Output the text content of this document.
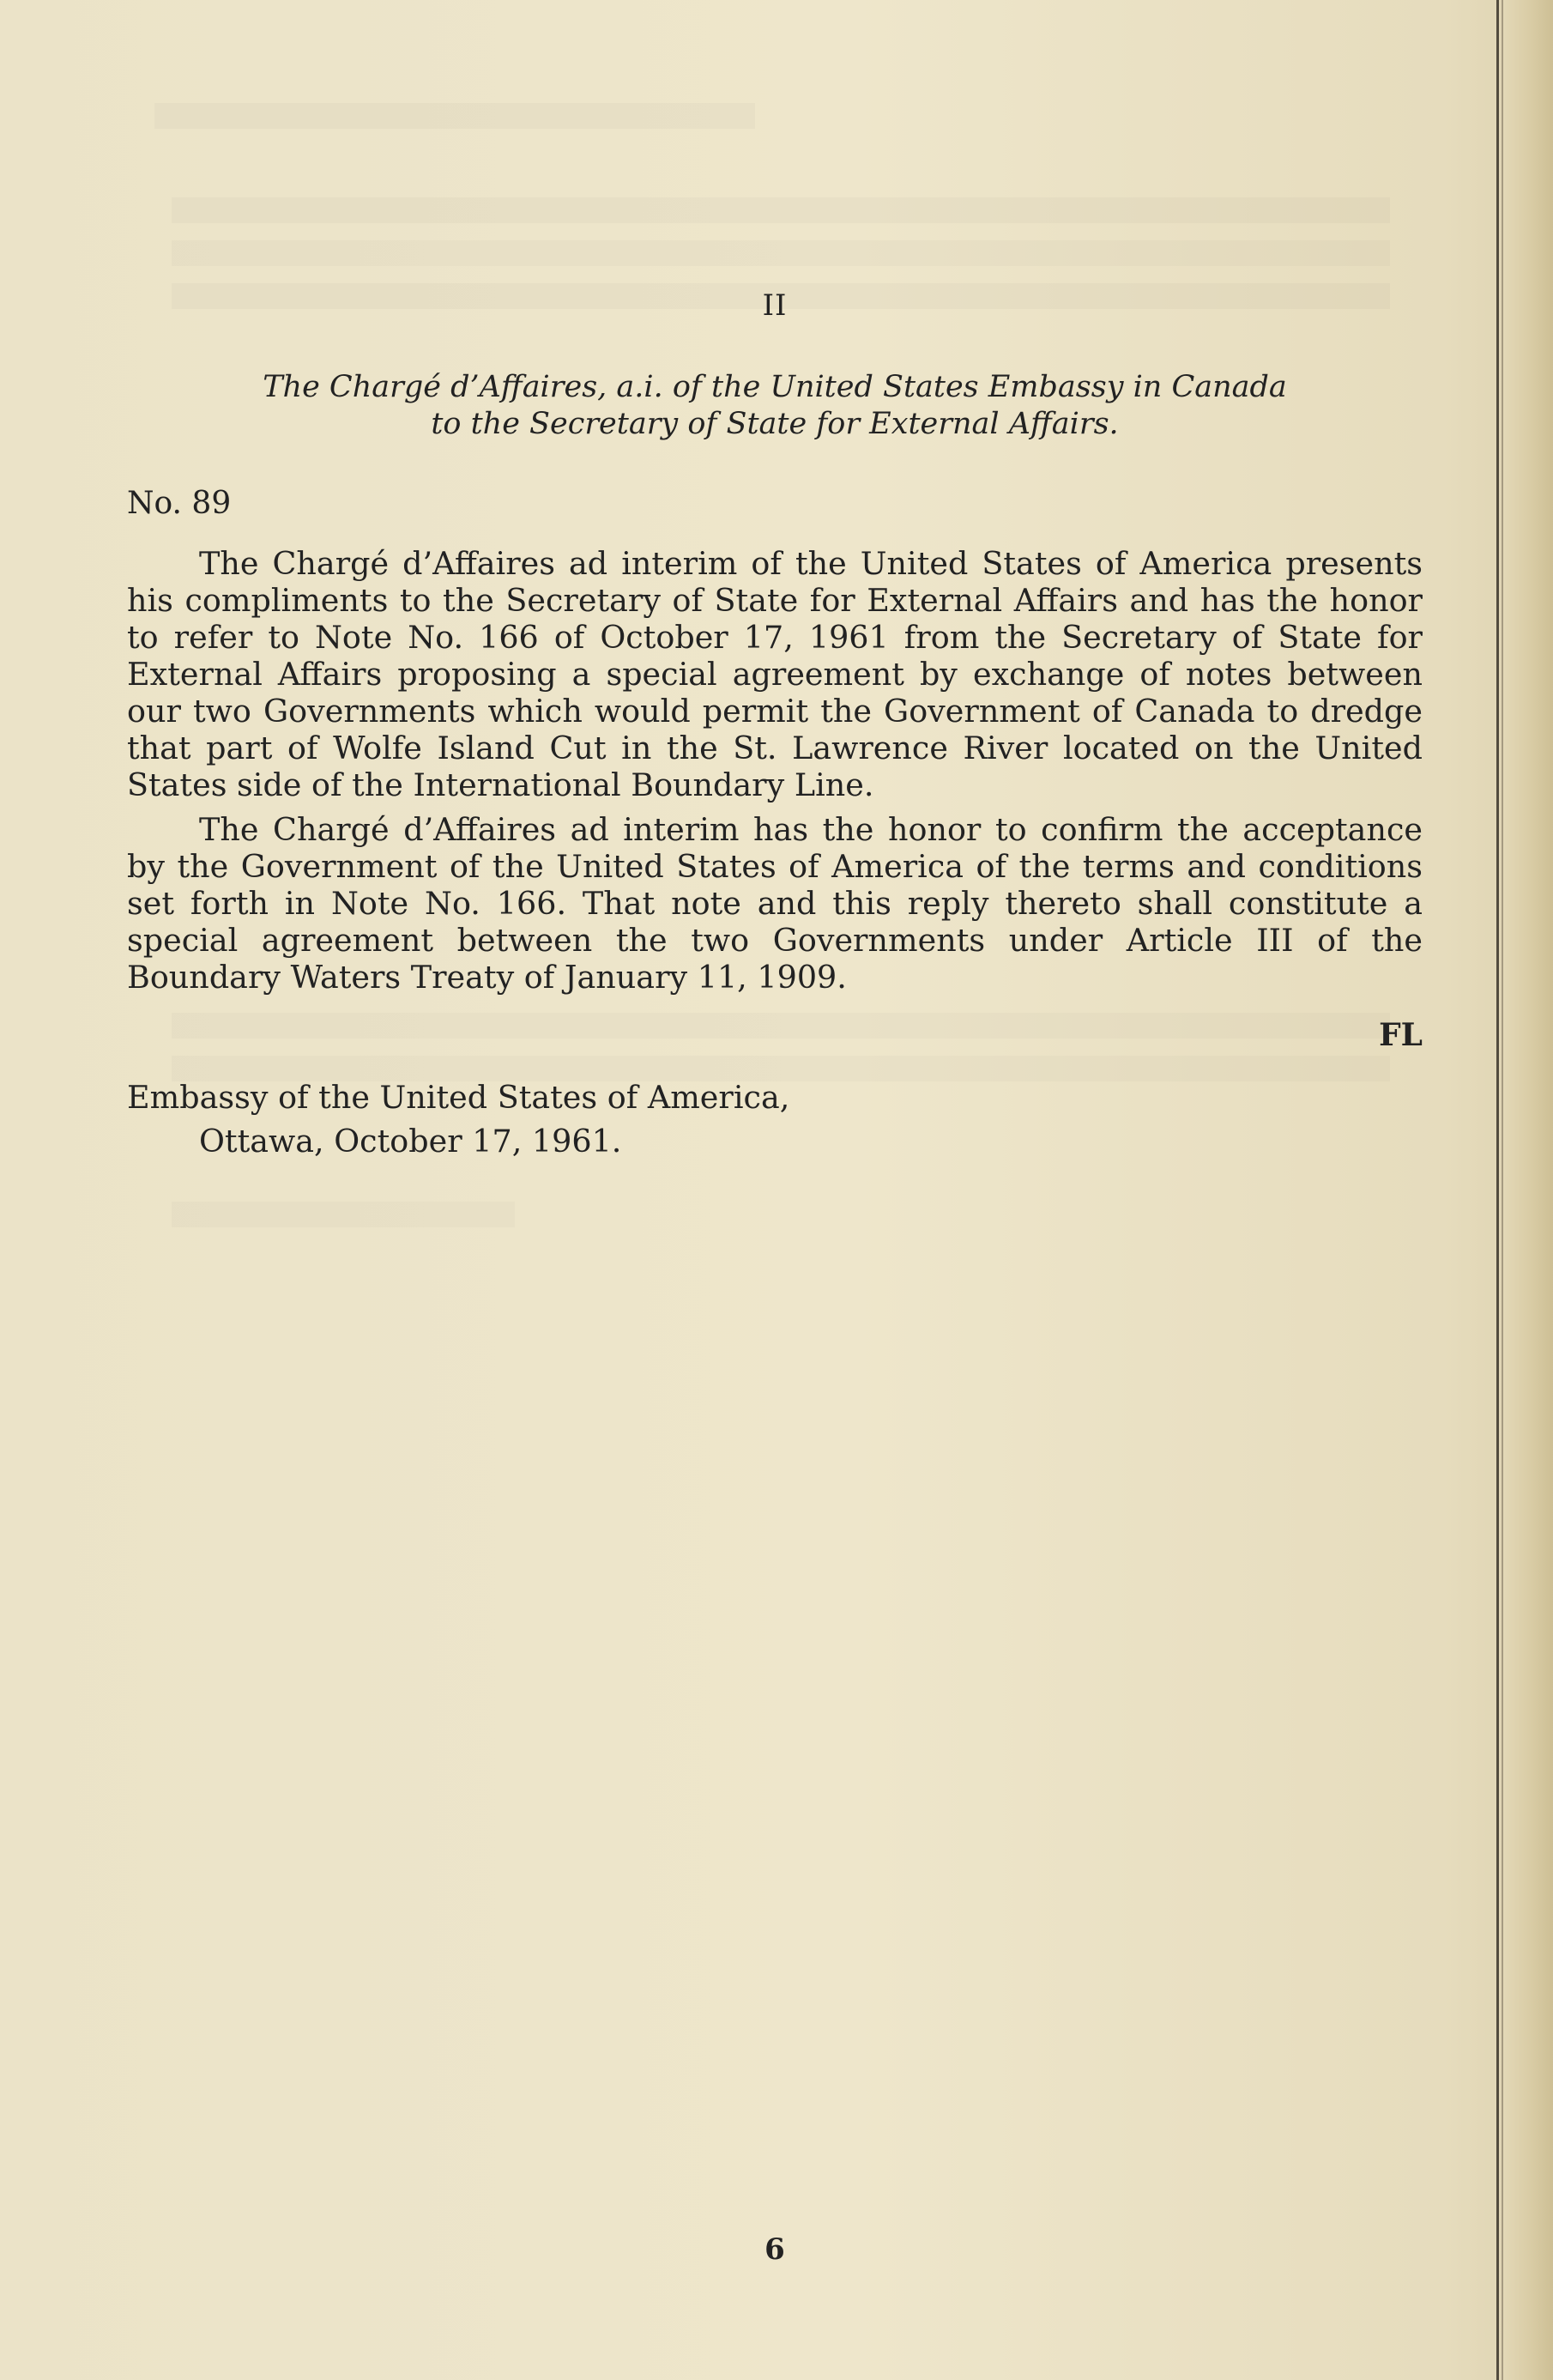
II
The Chargé d’Affaires, a.i. of the United States Embassy in Canada
to the Secretary of State for External Affairs.
No. 89

The Chargé d’Affaires ad interim of the United States of America presents his compliments to the Secretary of State for External Affairs and has the honor to refer to Note No. 166 of October 17, 1961 from the Secretary of State for External Affairs proposing a special agreement by exchange of notes between our two Governments which would permit the Government of Canada to dredge that part of Wolfe Island Cut in the St. Lawrence River located on the United States side of the International Boundary Line.

The Chargé d’Affaires ad interim has the honor to confirm the acceptance by the Government of the United States of America of the terms and conditions set forth in Note No. 166. That note and this reply thereto shall constitute a special agreement between the two Governments under Article III of the Boundary Waters Treaty of January 11, 1909.

FL
Embassy of the United States of America,
Ottawa, October 17, 1961.
6
